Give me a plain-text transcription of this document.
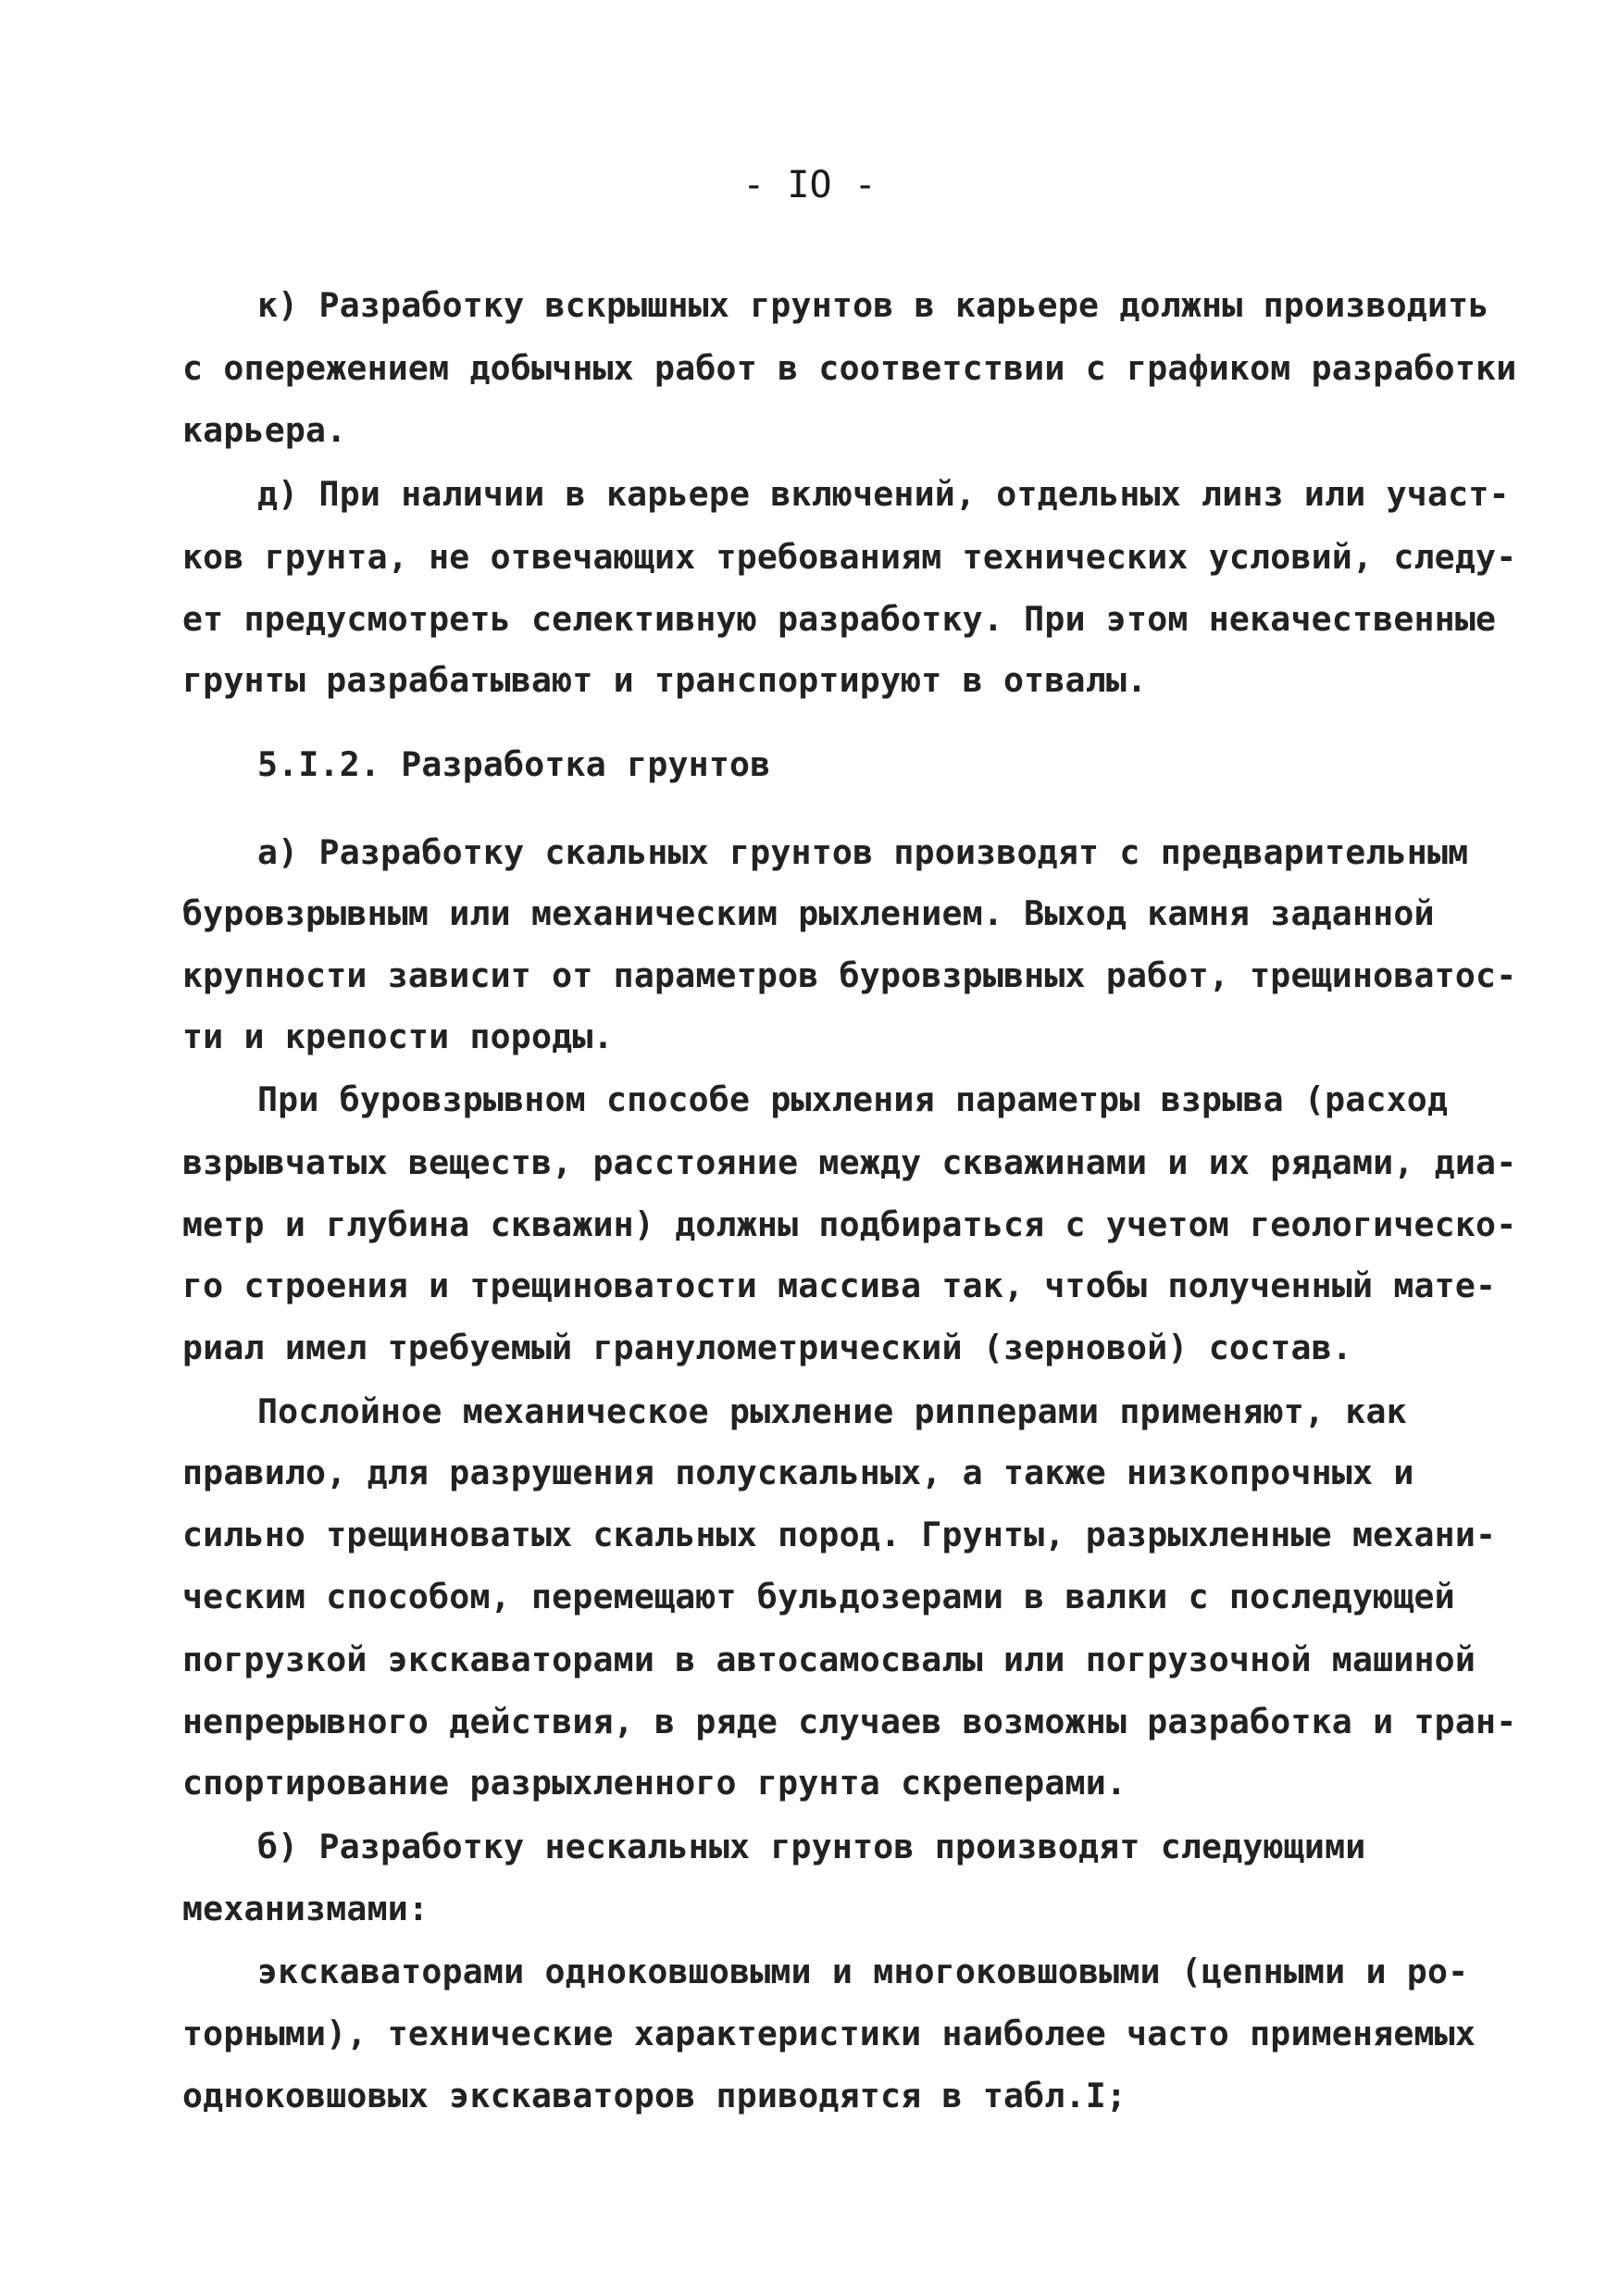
- IO -

к) Разработку вскрышных грунтов в карьере должны производить

с опережением добычных работ в соответствии с графиком разработки

карьера.

д) При наличии в карьере включений, отдельных линз или участ-

ков грунта, не отвечающих требованиям технических условий, следу-

ет предусмотреть селективную разработку. При этом некачественные

грунты разрабатывают и транспортируют в отвалы.

5.I.2. Разработка грунтов

а) Разработку скальных грунтов производят с предварительным

буровзрывным или механическим рыхлением. Выход камня заданной

крупности зависит от параметров буровзрывных работ, трещиноватос-

ти и крепости породы.

При буровзрывном способе рыхления параметры взрыва (расход

взрывчатых веществ, расстояние между скважинами и их рядами, диа-

метр и глубина скважин) должны подбираться с учетом геологическо-

го строения и трещиноватости массива так, чтобы полученный мате-

риал имел требуемый гранулометрический (зерновой) состав.

Послойное механическое рыхление рипперами применяют, как

правило, для разрушения полускальных, а также низкопрочных и

сильно трещиноватых скальных пород. Грунты, разрыхленные механи-

ческим способом, перемещают бульдозерами в валки с последующей

погрузкой экскаваторами в автосамосвалы или погрузочной машиной

непрерывного действия, в ряде случаев возможны разработка и тран-

спортирование разрыхленного грунта скреперами.

б) Разработку нескальных грунтов производят следующими

механизмами:

экскаваторами одноковшовыми и многоковшовыми (цепными и ро-

торными), технические характеристики наиболее часто применяемых

одноковшовых экскаваторов приводятся в табл.I;
